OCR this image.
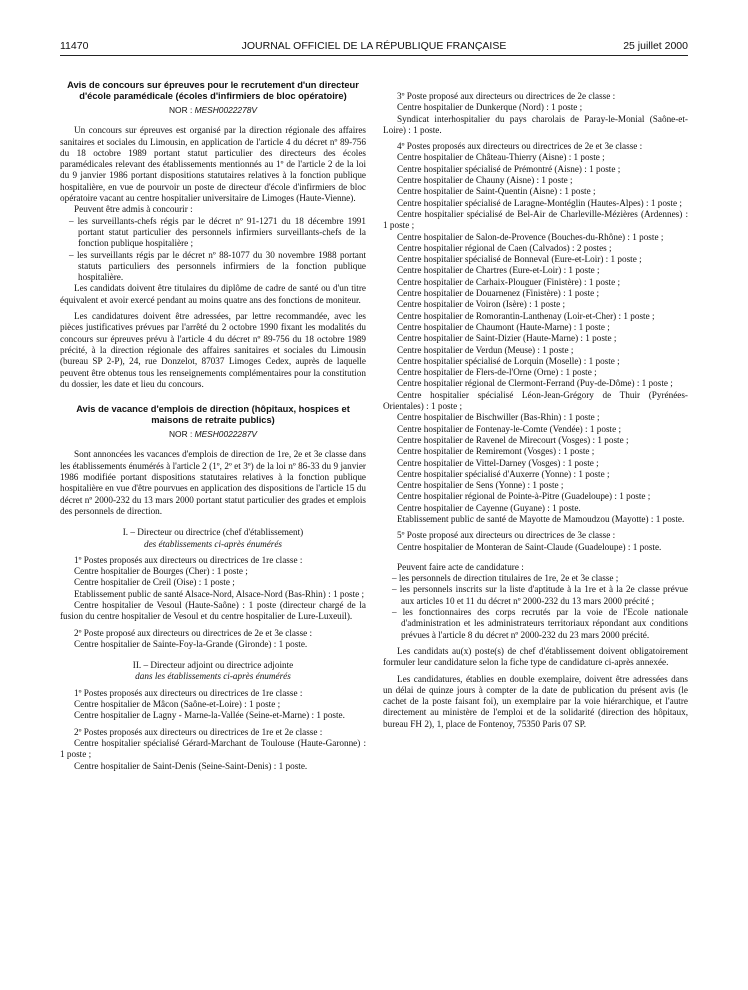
11470	JOURNAL OFFICIEL DE LA RÉPUBLIQUE FRANÇAISE	25 juillet 2000
Avis de concours sur épreuves pour le recrutement d'un directeur d'école paramédicale (écoles d'infirmiers de bloc opératoire)
NOR : MESH0022278V

Un concours sur épreuves est organisé par la direction régionale des affaires sanitaires et sociales du Limousin, en application de l'article 4 du décret nº 89-756 du 18 octobre 1989 portant statut particulier des directeurs des écoles paramédicales relevant des établissements mentionnés au 1º de l'article 2 de la loi du 9 janvier 1986 portant dispositions statutaires relatives à la fonction publique hospitalière, en vue de pourvoir un poste de directeur d'école d'infirmiers de bloc opératoire vacant au centre hospitalier universitaire de Limoges (Haute-Vienne).

Peuvent être admis à concourir :

– les surveillants-chefs régis par le décret nº 91-1271 du 18 décembre 1991 portant statut particulier des personnels infirmiers surveillants-chefs de la fonction publique hospitalière ;

– les surveillants régis par le décret nº 88-1077 du 30 novembre 1988 portant statuts particuliers des personnels infirmiers de la fonction publique hospitalière.

Les candidats doivent être titulaires du diplôme de cadre de santé ou d'un titre équivalent et avoir exercé pendant au moins quatre ans des fonctions de moniteur.

Les candidatures doivent être adressées, par lettre recommandée, avec les pièces justificatives prévues par l'arrêté du 2 octobre 1990 fixant les modalités du concours sur épreuves prévu à l'article 4 du décret nº 89-756 du 18 octobre 1989 précité, à la direction régionale des affaires sanitaires et sociales du Limousin (bureau SP 2-P), 24, rue Donzelot, 87037 Limoges Cedex, auprès de laquelle peuvent être obtenus tous les renseignements complémentaires pour la constitution du dossier, les date et lieu du concours.

Avis de vacance d'emplois de direction (hôpitaux, hospices et maisons de retraite publics)
NOR : MESH0022287V

Sont annoncées les vacances d'emplois de direction de 1re, 2e et 3e classe dans les établissements énumérés à l'article 2 (1º, 2º et 3º) de la loi nº 86-33 du 9 janvier 1986 modifiée portant dispositions statutaires relatives à la fonction publique hospitalière en vue d'être pourvues en application des dispositions de l'article 15 du décret nº 2000-232 du 13 mars 2000 portant statut particulier des grades et emplois des personnels de direction.

I. – Directeur ou directrice (chef d'établissement)
des établissements ci-après énumérés

1º Postes proposés aux directeurs ou directrices de 1re classe :

Centre hospitalier de Bourges (Cher) : 1 poste ;

Centre hospitalier de Creil (Oise) : 1 poste ;

Etablissement public de santé Alsace-Nord, Alsace-Nord (Bas-Rhin) : 1 poste ;

Centre hospitalier de Vesoul (Haute-Saône) : 1 poste (directeur chargé de la fusion du centre hospitalier de Vesoul et du centre hospitalier de Lure-Luxeuil).

2º Poste proposé aux directeurs ou directrices de 2e et 3e classe :

Centre hospitalier de Sainte-Foy-la-Grande (Gironde) : 1 poste.

II. – Directeur adjoint ou directrice adjointe
dans les établissements ci-après énumérés

1º Postes proposés aux directeurs ou directrices de 1re classe :

Centre hospitalier de Mâcon (Saône-et-Loire) : 1 poste ;

Centre hospitalier de Lagny - Marne-la-Vallée (Seine-et-Marne) : 1 poste.

2º Postes proposés aux directeurs ou directrices de 1re et 2e classe :

Centre hospitalier spécialisé Gérard-Marchant de Toulouse (Haute-Garonne) : 1 poste ;

Centre hospitalier de Saint-Denis (Seine-Saint-Denis) : 1 poste.

3º Poste proposé aux directeurs ou directrices de 2e classe :

Centre hospitalier de Dunkerque (Nord) : 1 poste ;

Syndicat interhospitalier du pays charolais de Paray-le-Monial (Saône-et-Loire) : 1 poste.

4º Postes proposés aux directeurs ou directrices de 2e et 3e classe :

Centre hospitalier de Château-Thierry (Aisne) : 1 poste ;

Centre hospitalier spécialisé de Prémontré (Aisne) : 1 poste ;

Centre hospitalier de Chauny (Aisne) : 1 poste ;

Centre hospitalier de Saint-Quentin (Aisne) : 1 poste ;

Centre hospitalier spécialisé de Laragne-Montéglin (Hautes-Alpes) : 1 poste ;

Centre hospitalier spécialisé de Bel-Air de Charleville-Mézières (Ardennes) : 1 poste ;

Centre hospitalier de Salon-de-Provence (Bouches-du-Rhône) : 1 poste ;

Centre hospitalier régional de Caen (Calvados) : 2 postes ;

Centre hospitalier spécialisé de Bonneval (Eure-et-Loir) : 1 poste ;

Centre hospitalier de Chartres (Eure-et-Loir) : 1 poste ;

Centre hospitalier de Carhaix-Plouguer (Finistère) : 1 poste ;

Centre hospitalier de Douarnenez (Finistère) : 1 poste ;

Centre hospitalier de Voiron (Isère) : 1 poste ;

Centre hospitalier de Romorantin-Lanthenay (Loir-et-Cher) : 1 poste ;

Centre hospitalier de Chaumont (Haute-Marne) : 1 poste ;

Centre hospitalier de Saint-Dizier (Haute-Marne) : 1 poste ;

Centre hospitalier de Verdun (Meuse) : 1 poste ;

Centre hospitalier spécialisé de Lorquin (Moselle) : 1 poste ;

Centre hospitalier de Flers-de-l'Orne (Orne) : 1 poste ;

Centre hospitalier régional de Clermont-Ferrand (Puy-de-Dôme) : 1 poste ;

Centre hospitalier spécialisé Léon-Jean-Grégory de Thuir (Pyrénées-Orientales) : 1 poste ;

Centre hospitalier de Bischwiller (Bas-Rhin) : 1 poste ;

Centre hospitalier de Fontenay-le-Comte (Vendée) : 1 poste ;

Centre hospitalier de Ravenel de Mirecourt (Vosges) : 1 poste ;

Centre hospitalier de Remiremont (Vosges) : 1 poste ;

Centre hospitalier de Vittel-Darney (Vosges) : 1 poste ;

Centre hospitalier spécialisé d'Auxerre (Yonne) : 1 poste ;

Centre hospitalier de Sens (Yonne) : 1 poste ;

Centre hospitalier régional de Pointe-à-Pitre (Guadeloupe) : 1 poste ;

Centre hospitalier de Cayenne (Guyane) : 1 poste.

Etablissement public de santé de Mayotte de Mamoudzou (Mayotte) : 1 poste.

5º Poste proposé aux directeurs ou directrices de 3e classe :

Centre hospitalier de Monteran de Saint-Claude (Guadeloupe) : 1 poste.

Peuvent faire acte de candidature :

– les personnels de direction titulaires de 1re, 2e et 3e classe ;

– les personnels inscrits sur la liste d'aptitude à la 1re et à la 2e classe prévue aux articles 10 et 11 du décret nº 2000-232 du 13 mars 2000 précité ;

– les fonctionnaires des corps recrutés par la voie de l'Ecole nationale d'administration et les administrateurs territoriaux répondant aux conditions prévues à l'article 8 du décret nº 2000-232 du 23 mars 2000 précité.

Les candidats au(x) poste(s) de chef d'établissement doivent obligatoirement formuler leur candidature selon la fiche type de candidature ci-après annexée.

Les candidatures, établies en double exemplaire, doivent être adressées dans un délai de quinze jours à compter de la date de publication du présent avis (le cachet de la poste faisant foi), un exemplaire par la voie hiérarchique, et l'autre directement au ministère de l'emploi et de la solidarité (direction des hôpitaux, bureau FH 2), 1, place de Fontenoy, 75350 Paris 07 SP.
